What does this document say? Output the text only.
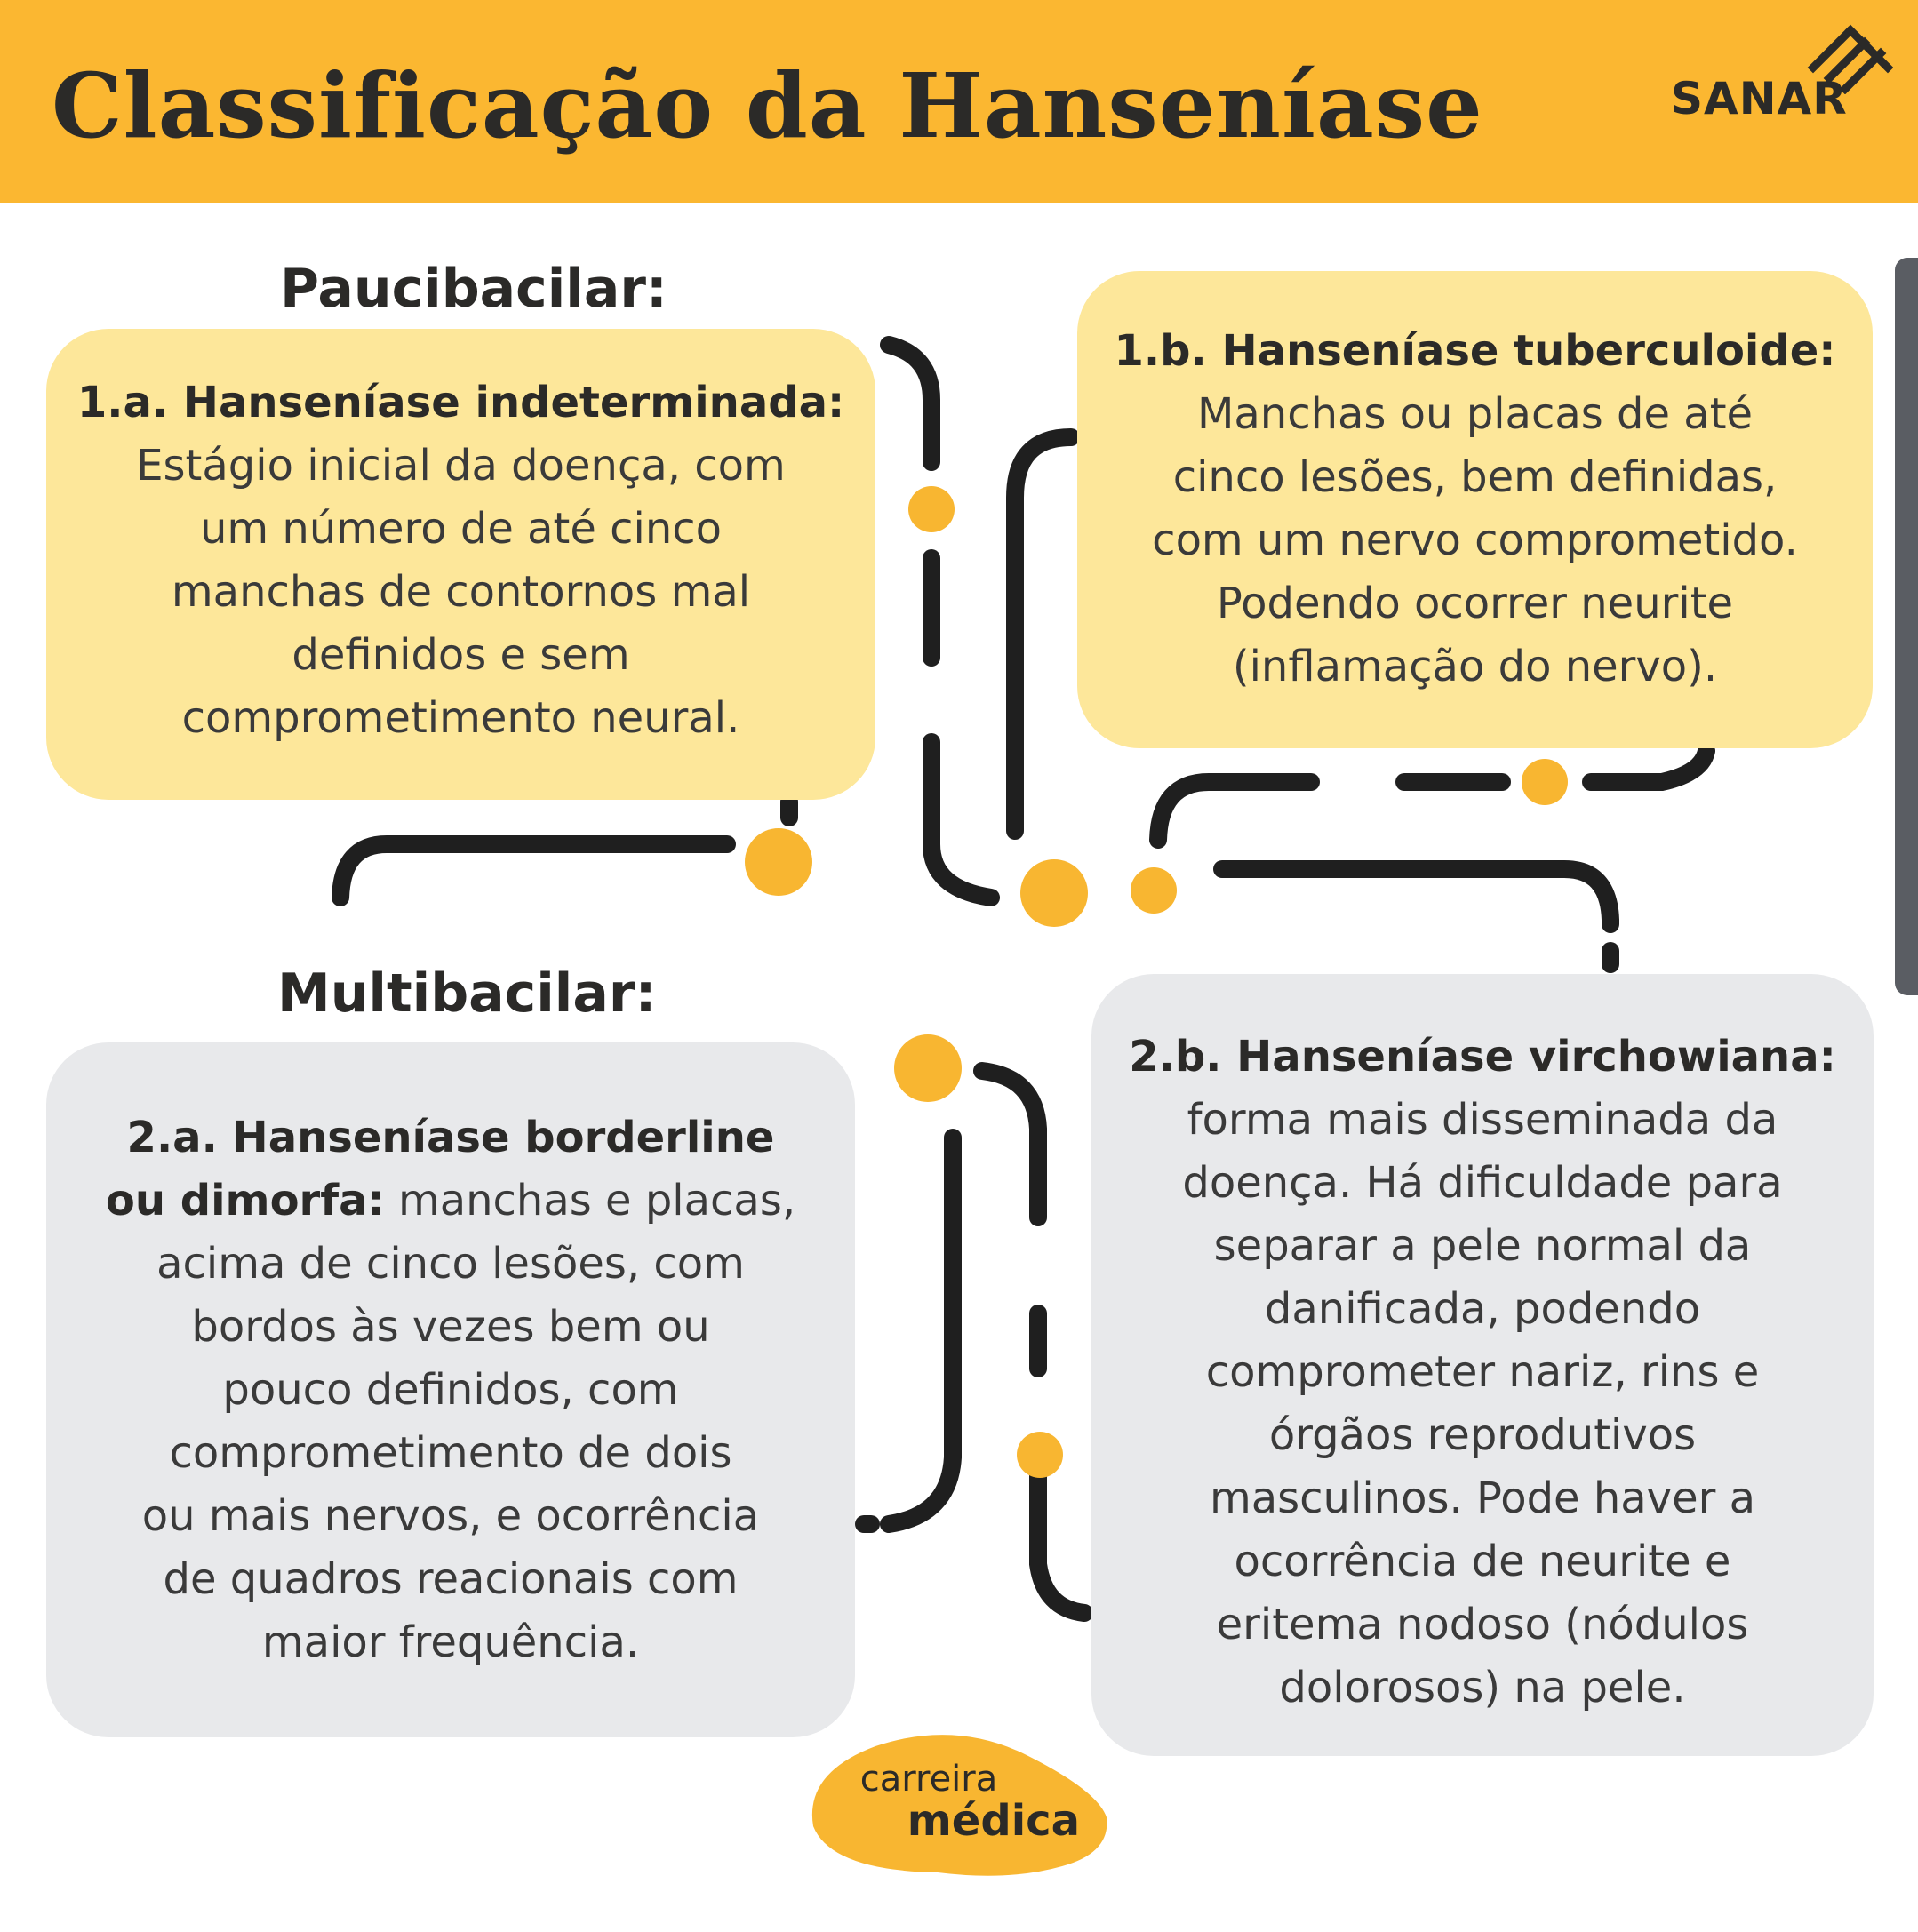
Classificação da Hanseníase	SANAR
Paucibacilar:
Multibacilar:
1.a. Hanseníase indeterminada:
Estágio inicial da doença, com
um número de até cinco
manchas de contornos mal
definidos e sem
comprometimento neural.
1.b. Hanseníase tuberculoide:
Manchas ou placas de até
cinco lesões, bem definidas,
com um nervo comprometido.
Podendo ocorrer neurite
(inflamação do nervo).
2.a. Hanseníase borderline
ou dimorfa: manchas e placas,
acima de cinco lesões, com
bordos às vezes bem ou
pouco definidos, com
comprometimento de dois
ou mais nervos, e ocorrência
de quadros reacionais com
maior frequência.
2.b. Hanseníase virchowiana:
forma mais disseminada da
doença. Há dificuldade para
separar a pele normal da
danificada, podendo
comprometer nariz, rins e
órgãos reprodutivos
masculinos. Pode haver a
ocorrência de neurite e
eritema nodoso (nódulos
dolorosos) na pele.
carreira
médica
